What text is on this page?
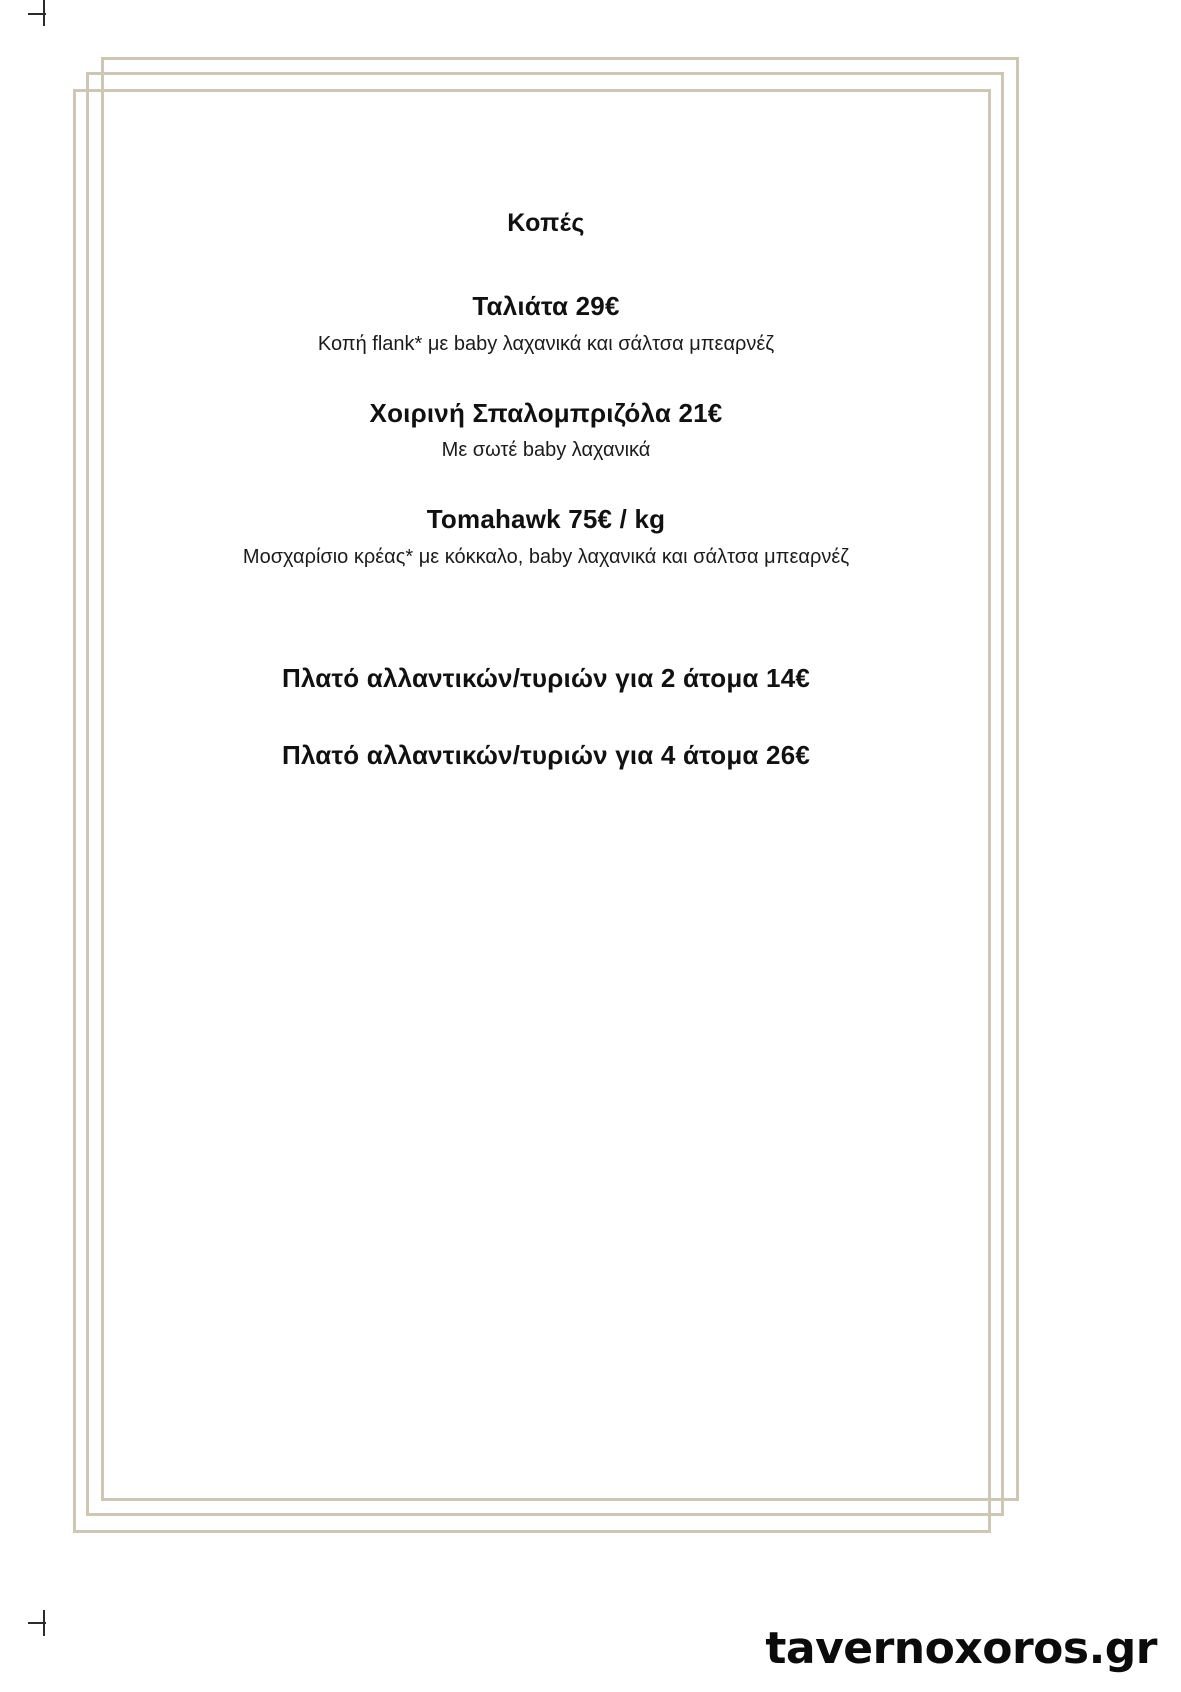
Κοπές

Ταλιάτα 29€

Κοπή flank* με baby λαχανικά και σάλτσα μπεαρνέζ

Χοιρινή Σπαλομπριζόλα 21€

Με σωτέ baby λαχανικά

Tomahawk 75€ / kg

Μοσχαρίσιο κρέας* με κόκκαλο, baby λαχανικά και σάλτσα μπεαρνέζ

Πλατό αλλαντικών/τυριών για 2 άτομα 14€

Πλατό αλλαντικών/τυριών για 4 άτομα 26€

tavernoxoros.gr
